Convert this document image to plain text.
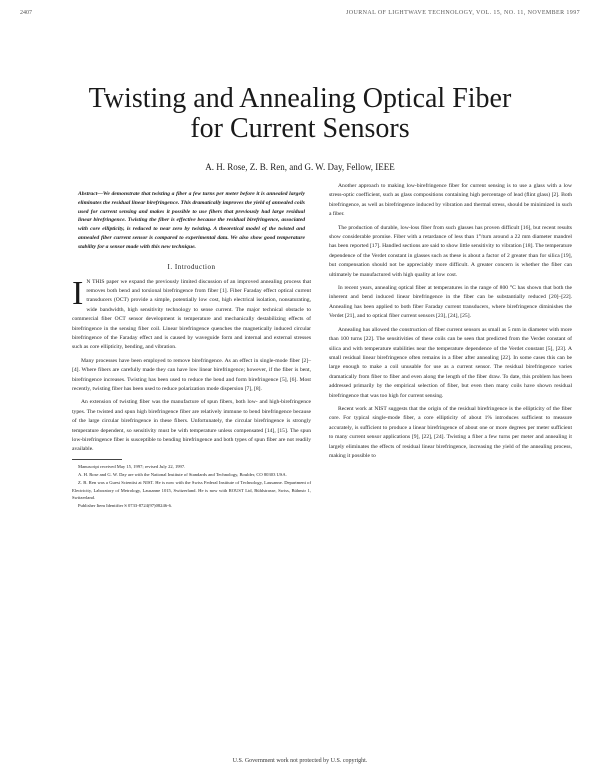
2407	JOURNAL OF LIGHTWAVE TECHNOLOGY, VOL. 15, NO. 11, NOVEMBER 1997
Twisting and Annealing Optical Fiber
for Current Sensors
A. H. Rose, Z. B. Ren, and G. W. Day, Fellow, IEEE

Abstract—We demonstrate that twisting a fiber a few turns per meter before it is annealed largely eliminates the residual linear birefringence. This dramatically improves the yield of annealed coils used for current sensing and makes it possible to use fibers that previously had large residual linear birefringence. Twisting the fiber is effective because the residual birefringence, associated with core ellipticity, is reduced to near zero by twisting. A theoretical model of the twisted and annealed fiber current sensor is compared to experimental data. We also show good temperature stability for a sensor made with this new technique.

I. Introduction

I N THIS paper we expand the previously limited discussion of an improved annealing process that removes both bend and torsional birefringence from fiber [1]. Fiber Faraday effect optical current transducers (OCT) provide a simple, potentially low cost, high electrical isolation, nonsaturating, wide bandwidth, high sensitivity technology to sense current. The major technical obstacle to commercial fiber OCT sensor development is temperature and mechanically destabilizing effects of birefringence in the sensing fiber coil. Linear birefringence quenches the magnetically induced circular birefringence of the Faraday effect and is caused by waveguide form and internal and external stresses such as core ellipticity, bending, and vibration.

Many processes have been employed to remove birefringence. As an effect in single-mode fiber [2]–[4]. Where fibers are carefully made they can have low linear birefringence; however, if the fiber is bent, birefringence increases. Twisting has been used to reduce the bend and form birefringence [5], [6]. Most recently, twisting fiber has been used to reduce polarization mode dispersion [7], [8].

An extension of twisting fiber was the manufacture of spun fibers, both low- and high-birefringence types. The twisted and spun high birefringence fiber are relatively immune to bend birefringence because of the large circular birefringence in these fibers. Unfortunately, the circular birefringence is strongly temperature dependent, so sensitivity must be with temperature unless compensated [14], [15]. The spun low-birefringence fiber is susceptible to bending birefringence and both types of spun fiber are not readily available.

Manuscript received May 15, 1997; revised July 22, 1997.

A. H. Rose and G. W. Day are with the National Institute of Standards and Technology, Boulder, CO 80303 USA.

Z. B. Ren was a Guest Scientist at NIST. He is now with the Swiss Federal Institute of Technology, Lausanne. Department of Electricity, Laboratory of Metrology, Lausanne 1015, Switzerland. He is now with ROUST Ltd, Bühlstrasse, Swiss, Bühnstr 1, Switzerland.

Publisher Item Identifier S 0733-8724(97)08246-6.

Another approach to making low-birefringence fiber for current sensing is to use a glass with a low stress-optic coefficient, such as glass compositions containing high percentage of lead (flint glass) [2]. Both birefringence, as well as birefringence induced by vibration and thermal stress, should be minimized in such a fiber.

The production of durable, low-loss fiber from such glasses has proven difficult [16], but recent results show considerable promise. Fiber with a retardance of less than 1°/turn around a 22 mm diameter mandrel has been reported [17]. Handled sections are said to show little sensitivity to vibration [18]. The temperature dependence of the Verdet constant in glasses such as these is about a factor of 2 greater than for silica [19], but compensation should not be appreciably more difficult. A greater concern is whether the fiber can ultimately be manufactured with high quality at low cost.

In recent years, annealing optical fiber at temperatures in the range of 800 °C has shown that both the inherent and bend induced linear birefringence in the fiber can be substantially reduced [20]–[22]. Annealing has been applied to both fiber Faraday current transducers, where birefringence diminishes the Verdet [21], and to optical fiber current sensors [23], [24], [25].

Annealing has allowed the construction of fiber current sensors as small as 5 mm in diameter with more than 100 turns [22]. The sensitivities of these coils can be seen that predicted from the Verdet constant of silica and with temperature stabilities near the temperature dependence of the Verdet constant [5], [23]. A small residual linear birefringence often remains in a fiber after annealing [22]. In some cases this can be large enough to make a coil unusable for use as a current sensor. The residual birefringence varies dramatically from fiber to fiber and even along the length of the fiber draw. To date, this problem has been addressed primarily by the empirical selection of fiber, but even then many coils have shown residual birefringence that was too high for current sensing.

Recent work at NIST suggests that the origin of the residual birefringence is the ellipticity of the fiber core. For typical single-mode fiber, a core ellipticity of about 1% introduces sufficient to measure accurately, is sufficient to produce a linear birefringence of about one or more degrees per meter sufficient to many current sensor applications [9], [22], [24]. Twisting a fiber a few turns per meter and annealing it largely eliminates the effects of residual linear birefringence, increasing the yield of the annealing process, making it possible to

U.S. Government work not protected by U.S. copyright.
